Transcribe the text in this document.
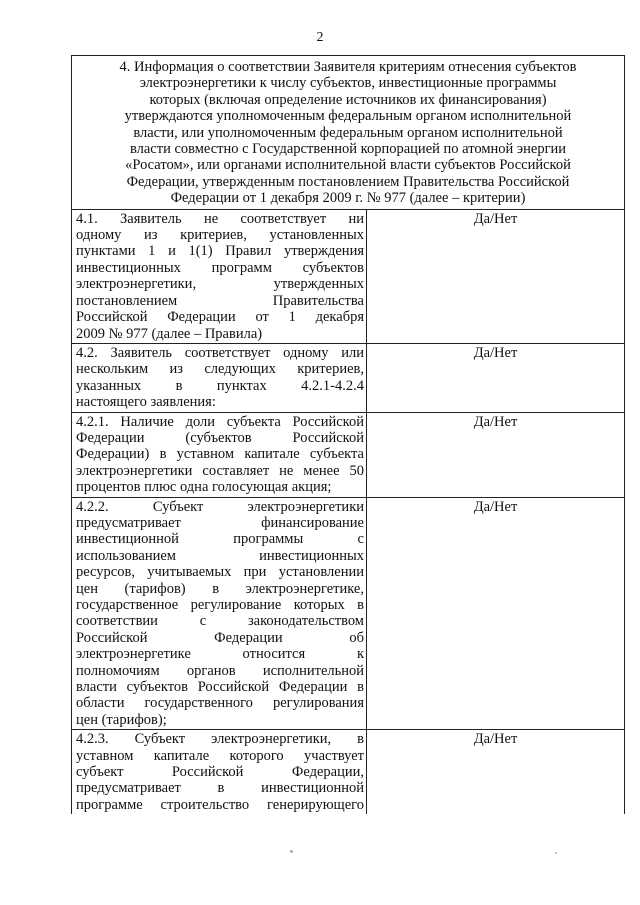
2
4. Информация о соответствии Заявителя критериям отнесения субъектов
электроэнергетики к числу субъектов, инвестиционные программы
которых (включая определение источников их финансирования)
утверждаются уполномоченным федеральным органом исполнительной
власти, или уполномоченным федеральным органом исполнительной
власти совместно с Государственной корпорацией по атомной энергии
«Росатом», или органами исполнительной власти субъектов Российской
Федерации, утвержденным постановлением Правительства Российской
Федерации от 1 декабря 2009 г. № 977 (далее – критерии)
4.1. Заявитель не соответствует ни
одному из критериев, установленных
пунктами 1 и 1(1) Правил утверждения
инвестиционных программ субъектов
электроэнергетики, утвержденных
постановлением Правительства
Российской Федерации от 1 декабря
2009 № 977 (далее – Правила)
Да/Нет
4.2. Заявитель соответствует одному или
нескольким из следующих критериев,
указанных в пунктах 4.2.1-4.2.4
настоящего заявления:
Да/Нет
4.2.1. Наличие доли субъекта Российской
Федерации (субъектов Российской
Федерации) в уставном капитале субъекта
электроэнергетики составляет не менее 50
процентов плюс одна голосующая акция;
Да/Нет
4.2.2. Субъект электроэнергетики
предусматривает финансирование
инвестиционной программы с
использованием инвестиционных
ресурсов, учитываемых при установлении
цен (тарифов) в электроэнергетике,
государственное регулирование которых в
соответствии с законодательством
Российской Федерации об
электроэнергетике относится к
полномочиям органов исполнительной
власти субъектов Российской Федерации в
области государственного регулирования
цен (тарифов);
Да/Нет
4.2.3. Субъект электроэнергетики, в
уставном капитале которого участвует
субъект Российской Федерации,
предусматривает в инвестиционной
программе строительство генерирующего
Да/Нет
